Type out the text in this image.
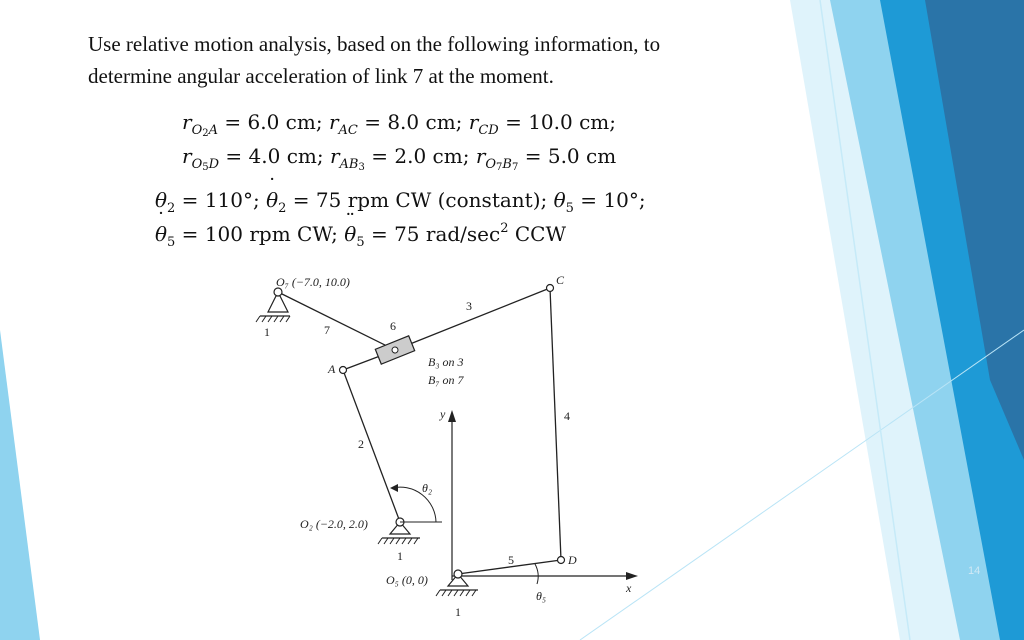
Use relative motion analysis, based on the following information, to
determine angular acceleration of link 7 at the moment.
$r_{O_2A} = 6.0$ cm; $r_{AC} = 8.0$ cm; $r_{CD} = 10.0$ cm;
$r_{O_5D} = 4.0$ cm; $r_{AB_3} = 2.0$ cm; $r_{O_7B_7} = 5.0$ cm
$\theta_2 = 110^\circ$; ˙ $\theta_2 = 75$ rpm CW (constant); $\theta_5 = 10^\circ$;
˙ $\theta_5 = 100$ rpm CW; ¨ $\theta_5 = 75$ rad/$\sec^2$ CCW
O₇ (−7.0, 10.0)
1	7	6
3
A
C
B₃ on 3
B₇ on 7
y	4
2
θ₂
O₂ (−2.0, 2.0)
1	5	D
O₅ (0, 0)
θ₅
x
1
14
